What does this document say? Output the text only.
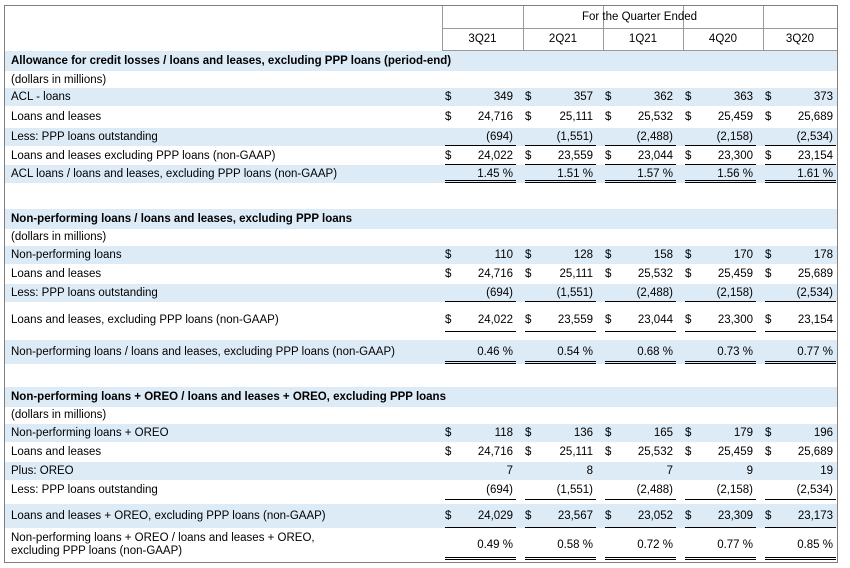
For the Quarter Ended
3Q21	2Q21	1Q21	4Q20	3Q20
Allowance for credit losses / loans and leases, excluding PPP loans (period-end)
(dollars in millions)
ACL - loans	$	349 $	357 $	362 $	363 $	373
Loans and leases	$	24,716 $	25,111 $	25,532 $	25,459 $	25,689
Less: PPP loans outstanding	(694)	(1,551)	(2,488)	(2,158)	(2,534)
Loans and leases excluding PPP loans (non-GAAP)	$	24,022 $	23,559 $	23,044 $	23,300 $	23,154
ACL loans / loans and leases, excluding PPP loans (non-GAAP)	1.45 %	1.51 %	1.57 %	1.56 %	1.61 %
Non-performing loans / loans and leases, excluding PPP loans
(dollars in millions)
Non-performing loans	$	110 $	128 $	158 $	170 $	178
Loans and leases	$	24,716 $	25,111 $	25,532 $	25,459 $	25,689
Less: PPP loans outstanding	(694)	(1,551)	(2,488)	(2,158)	(2,534)
Loans and leases, excluding PPP loans (non-GAAP)	$	24,022 $	23,559 $	23,044 $	23,300 $	23,154
Non-performing loans / loans and leases, excluding PPP loans (non-GAAP)	0.46 %	0.54 %	0.68 %	0.73 %	0.77 %
Non-performing loans + OREO / loans and leases + OREO, excluding PPP loans
(dollars in millions)
Non-performing loans + OREO	$	118 $	136 $	165 $	179 $	196
Loans and leases	$	24,716 $	25,111 $	25,532 $	25,459 $	25,689
Plus: OREO	7	8	7	9	19
Less: PPP loans outstanding	(694)	(1,551)	(2,488)	(2,158)	(2,534)
Loans and leases + OREO, excluding PPP loans (non-GAAP)	$	24,029 $	23,567 $	23,052 $	23,309 $	23,173
Non-performing loans + OREO / loans and leases + OREO,
excluding PPP loans (non-GAAP)	0.49 %	0.58 %	0.72 %	0.77 %	0.85 %
